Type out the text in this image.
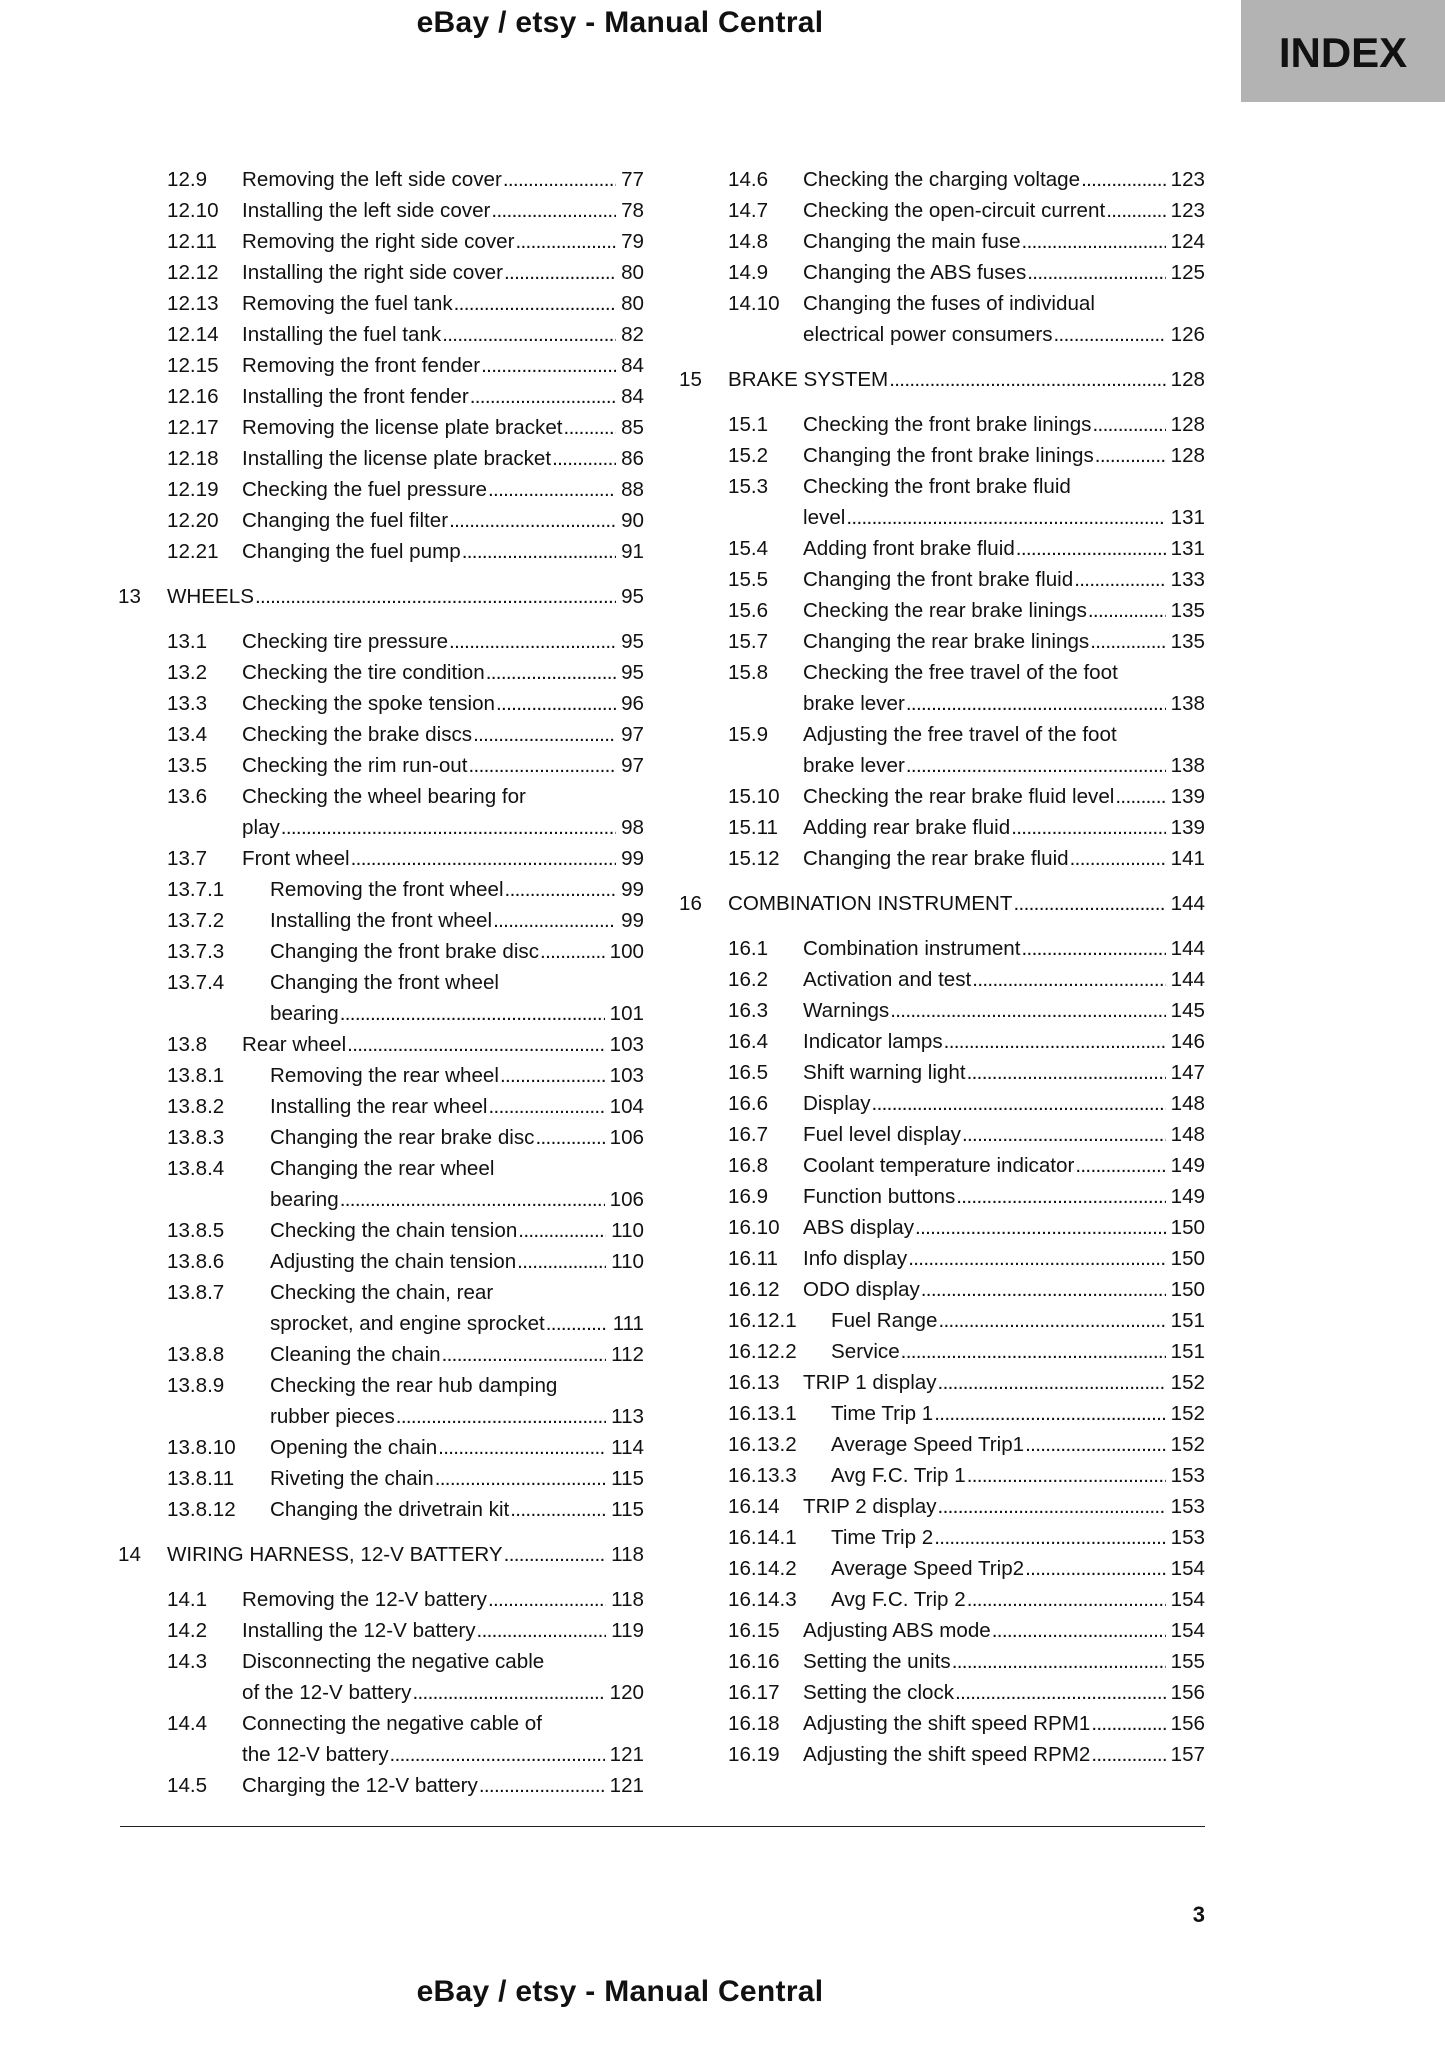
eBay / etsy - Manual Central
INDEX
12.9 Removing the left side cover . . .	77
12.10 Installing the left side cover . . .	78
12.11 Removing the right side cover . . .	79
12.12 Installing the right side cover . . .	80
12.13 Removing the fuel tank . . .	80
12.14 Installing the fuel tank . . .	82
12.15 Removing the front fender . . .	84
12.16 Installing the front fender . . .	84
12.17 Removing the license plate bracket . . .	85
12.18 Installing the license plate bracket . . .	86
12.19 Checking the fuel pressure . . .	88
12.20 Changing the fuel filter . . .	90
12.21 Changing the fuel pump . . .	91
13 WHEELS . . .	95
13.1 Checking tire pressure . . .	95
13.2 Checking the tire condition . . .	95
13.3 Checking the spoke tension . . .	96
13.4 Checking the brake discs . . .	97
13.5 Checking the rim run-out . . .	97
13.6 Checking the wheel bearing for
play . . .	98
13.7 Front wheel . . .	99
13.7.1 Removing the front wheel . . .	99
13.7.2 Installing the front wheel . . .	99
13.7.3 Changing the front brake disc . . .	100
13.7.4 Changing the front wheel
bearing . . .	101
13.8 Rear wheel . . .	103
13.8.1 Removing the rear wheel . . .	103
13.8.2 Installing the rear wheel . . .	104
13.8.3 Changing the rear brake disc . . .	106
13.8.4 Changing the rear wheel
bearing . . .	106
13.8.5 Checking the chain tension . . .	110
13.8.6 Adjusting the chain tension . . .	110
13.8.7 Checking the chain, rear
sprocket, and engine sprocket . . .	111
13.8.8 Cleaning the chain . . .	112
13.8.9 Checking the rear hub damping
rubber pieces . . .	113
13.8.10 Opening the chain . . .	114
13.8.11 Riveting the chain . . .	115
13.8.12 Changing the drivetrain kit . . .	115
14 WIRING HARNESS, 12-V BATTERY . . .	118
14.1 Removing the 12-V battery . . .	118
14.2 Installing the 12-V battery . . .	119
14.3 Disconnecting the negative cable
of the 12-V battery . . .	120
14.4 Connecting the negative cable of
the 12-V battery . . .	121
14.5 Charging the 12-V battery . . .	121
14.6 Checking the charging voltage . . .	123
14.7 Checking the open-circuit current . . .	123
14.8 Changing the main fuse . . .	124
14.9 Changing the ABS fuses . . .	125
14.10 Changing the fuses of individual
electrical power consumers . . .	126
15 BRAKE SYSTEM . . .	128
15.1 Checking the front brake linings . . .	128
15.2 Changing the front brake linings . . .	128
15.3 Checking the front brake fluid
level . . .	131
15.4 Adding front brake fluid . . .	131
15.5 Changing the front brake fluid . . .	133
15.6 Checking the rear brake linings . . .	135
15.7 Changing the rear brake linings . . .	135
15.8 Checking the free travel of the foot
brake lever . . .	138
15.9 Adjusting the free travel of the foot
brake lever . . .	138
15.10 Checking the rear brake fluid level . . .	139
15.11 Adding rear brake fluid . . .	139
15.12 Changing the rear brake fluid . . .	141
16 COMBINATION INSTRUMENT . . .	144
16.1 Combination instrument . . .	144
16.2 Activation and test . . .	144
16.3 Warnings . . .	145
16.4 Indicator lamps . . .	146
16.5 Shift warning light . . .	147
16.6 Display . . .	148
16.7 Fuel level display . . .	148
16.8 Coolant temperature indicator . . .	149
16.9 Function buttons . . .	149
16.10 ABS display . . .	150
16.11 Info display . . .	150
16.12 ODO display . . .	150
16.12.1 Fuel Range . . .	151
16.12.2 Service . . .	151
16.13 TRIP 1 display . . .	152
16.13.1 Time Trip 1 . . .	152
16.13.2 Average Speed Trip1 . . .	152
16.13.3 Avg F.C. Trip 1 . . .	153
16.14 TRIP 2 display . . .	153
16.14.1 Time Trip 2 . . .	153
16.14.2 Average Speed Trip2 . . .	154
16.14.3 Avg F.C. Trip 2 . . .	154
16.15 Adjusting ABS mode . . .	154
16.16 Setting the units . . .	155
16.17 Setting the clock . . .	156
16.18 Adjusting the shift speed RPM1 . . .	156
16.19 Adjusting the shift speed RPM2 . . .	157
3
eBay / etsy - Manual Central
